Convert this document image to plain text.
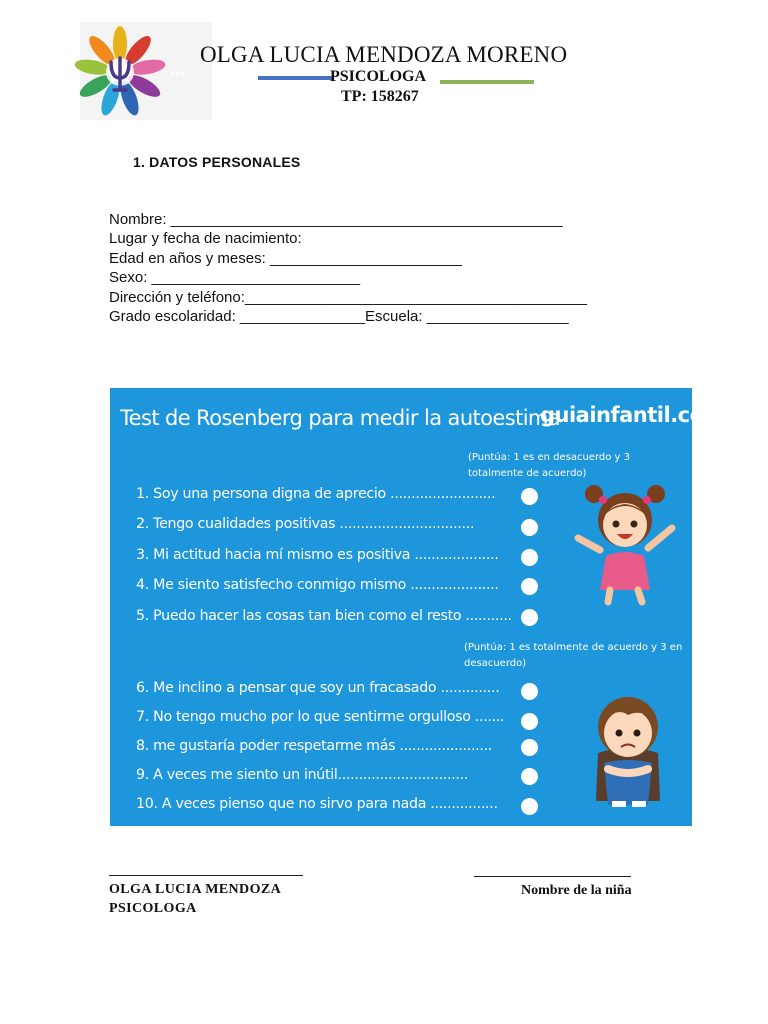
•••
OLGA LUCIA MENDOZA MORENO
PSICOLOGA
TP: 158267
1. DATOS PERSONALES
Nombre: _______________________________________________
Lugar y fecha de nacimiento:
Edad en años y meses: _______________________
Sexo: _________________________
Dirección y teléfono:_________________________________________
Grado escolaridad: _______________Escuela: _________________
Test de Rosenberg para medir la autoestima
guiainfantil.com
(Puntúa: 1 es en desacuerdo y 3 totalmente de acuerdo)
1. Soy una persona digna de aprecio .........................
2. Tengo cualidades positivas ................................
3. Mi actitud hacia mí mismo es positiva ....................
4. Me siento satisfecho conmigo mismo .....................
5. Puedo hacer las cosas tan bien como el resto ...........
(Puntúa: 1 es totalmente de acuerdo y 3 en desacuerdo)
6. Me inclino a pensar que soy un fracasado ..............
7. No tengo mucho por lo que sentirme orgulloso .......
8. me gustaría poder respetarme más ......................
9. A veces me siento un inútil...............................
10. A veces pienso que no sirvo para nada ................
OLGA LUCIA MENDOZA
PSICOLOGA
Nombre de la niña
